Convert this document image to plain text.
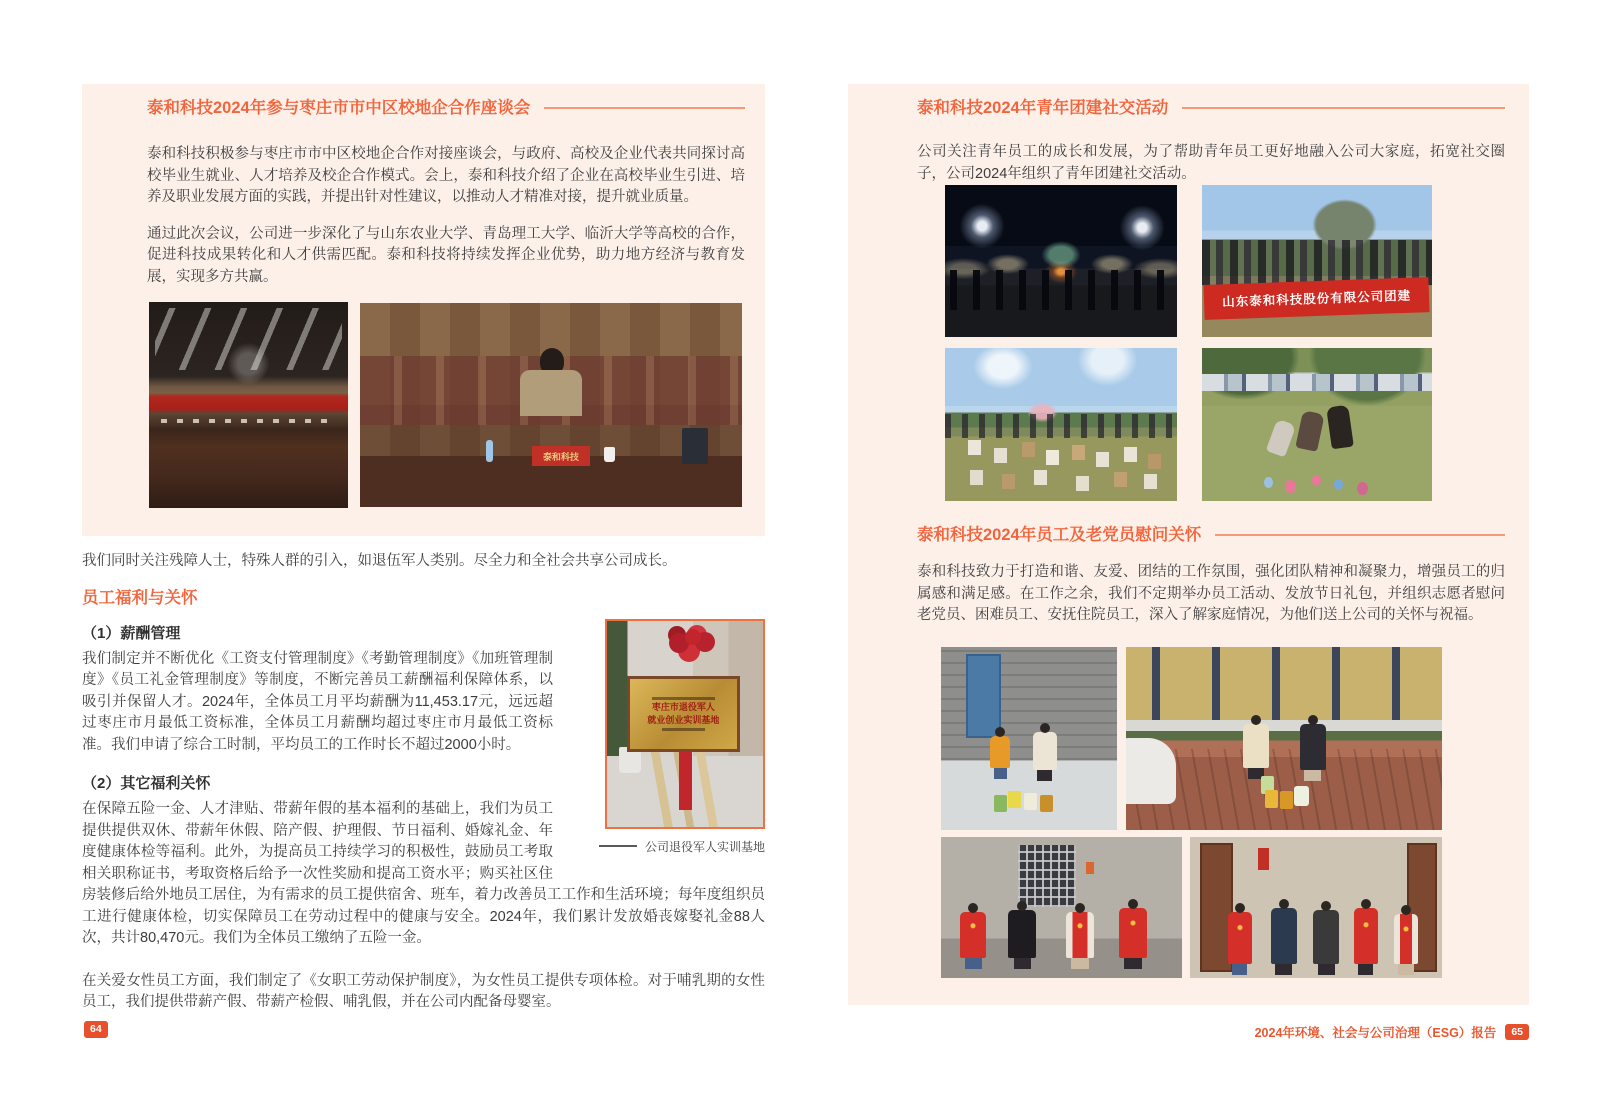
泰和科技2024年参与枣庄市市中区校地企合作座谈会

泰和科技积极参与枣庄市市中区校地企合作对接座谈会，与政府、高校及企业代表共同探讨高校毕业生就业、人才培养及校企合作模式。会上，泰和科技介绍了企业在高校毕业生引进、培养及职业发展方面的实践，并提出针对性建议，以推动人才精准对接，提升就业质量。

通过此次会议，公司进一步深化了与山东农业大学、青岛理工大学、临沂大学等高校的合作，促进科技成果转化和人才供需匹配。泰和科技将持续发挥企业优势，助力地方经济与教育发展，实现多方共赢。

泰和科技

我们同时关注残障人士，特殊人群的引入，如退伍军人类别。尽全力和全社会共享公司成长。

员工福利与关怀
枣庄市退役军人
就业创业实训基地
公司退役军人实训基地

（1）薪酬管理

我们制定并不断优化《工资支付管理制度》《考勤管理制度》《加班管理制度》《员工礼金管理制度》等制度，不断完善员工薪酬福利保障体系，以吸引并保留人才。2024年，全体员工月平均薪酬为11,453.17元，远远超过枣庄市月最低工资标准，全体员工月薪酬均超过枣庄市月最低工资标准。我们申请了综合工时制，平均员工的工作时长不超过2000小时。

（2）其它福利关怀

在保障五险一金、人才津贴、带薪年假的基本福利的基础上，我们为员工提供提供双休、带薪年休假、陪产假、护理假、节日福利、婚嫁礼金、年度健康体检等福利。此外，为提高员工持续学习的积极性，鼓励员工考取相关职称证书，考取资格后给予一次性奖励和提高工资水平；购买社区住房装修后给外地员工居住，为有需求的员工提供宿舍、班车，着力改善员工工作和生活环境；每年度组织员工进行健康体检，切实保障员工在劳动过程中的健康与安全。2024年，我们累计发放婚丧嫁娶礼金88人次，共计80,470元。我们为全体员工缴纳了五险一金。

在关爱女性员工方面，我们制定了《女职工劳动保护制度》，为女性员工提供专项体检。对于哺乳期的女性员工，我们提供带薪产假、带薪产检假、哺乳假，并在公司内配备母婴室。

64
泰和科技2024年青年团建社交活动

公司关注青年员工的成长和发展，为了帮助青年员工更好地融入公司大家庭，拓宽社交圈子，公司2024年组织了青年团建社交活动。

山东泰和科技股份有限公司团建
泰和科技2024年员工及老党员慰问关怀

泰和科技致力于打造和谐、友爱、团结的工作氛围，强化团队精神和凝聚力，增强员工的归属感和满足感。在工作之余，我们不定期举办员工活动、发放节日礼包，并组织志愿者慰问老党员、困难员工、安抚住院员工，深入了解家庭情况，为他们送上公司的关怀与祝福。

2024年环境、社会与公司治理（ESG）报告	65
